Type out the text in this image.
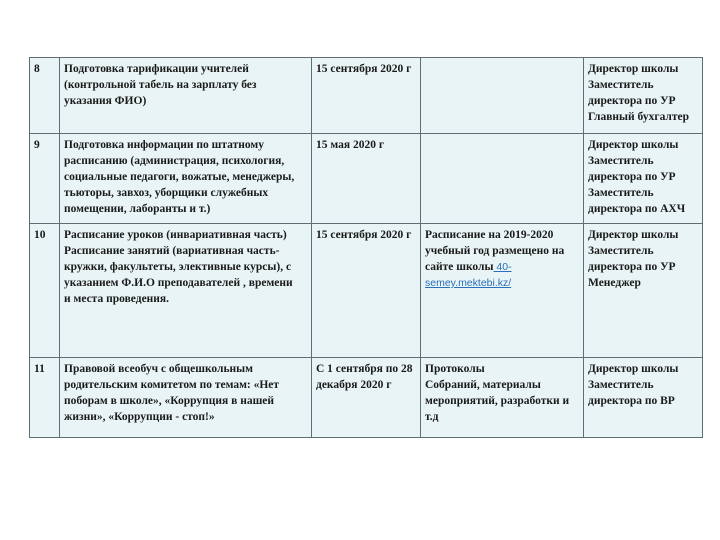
8	Подготовка тарификации учителей
(контрольной табель на зарплату без
указания ФИО)	15 сентября 2020 г		Директор школы
Заместитель
директора по УР
Главный бухгалтер

9	Подготовка информации по штатному
расписанию (администрация, психология,
социальные педагоги, вожатые, менеджеры,
тьюторы, завхоз, уборщики служебных
помещении, лаборанты и т.)	15 мая 2020 г		Директор школы
Заместитель
директора по УР
Заместитель
директора по АХЧ

10	Расписание уроков (инвариативная часть)
Расписание занятий (вариативная часть-
кружки, факультеты, элективные курсы), с
указанием Ф.И.О преподавателей , времени
и места проведения.	15 сентября 2020 г	Расписание на 2019-2020
учебный год размещено на
сайте школы 40-
semey.mektebi.kz/	Директор школы
Заместитель
директора по УР
Менеджер

11	Правовой всеобуч с общешкольным
родительским комитетом по темам: «Нет
поборам в школе», «Коррупция в нашей
жизни», «Коррупции - стоп!»	С 1 сентября по 28
декабря 2020 г	Протоколы
Собраний, материалы
мероприятий, разработки и
т.д	Директор школы
Заместитель
директора по ВР
